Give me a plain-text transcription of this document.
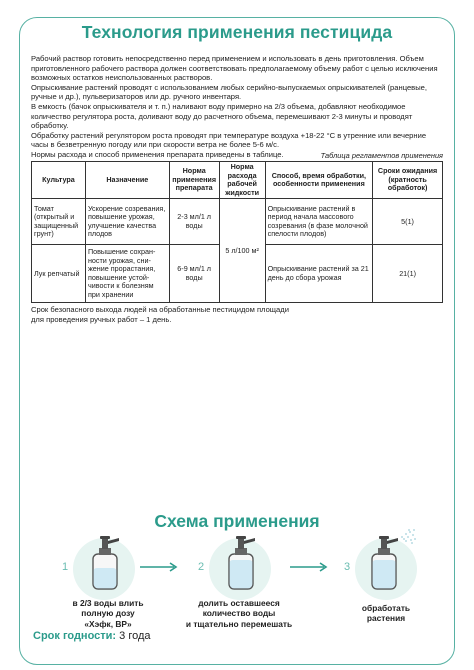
Технология применения пестицида

Рабочий раствор готовить непосредственно перед применением и использовать в день приготовления. Объем приготовленного рабочего раствора должен соответствовать предполагаемому объему работ с целью исключения возможных остатков неиспользованных растворов.

Опрыскивание растений проводят с использованием любых серийно-выпускаемых опрыскивателей (ранцевые, ручные и др.), пульверизаторов или др. ручного инвентаря.

В емкость (бачок опрыскивателя и т. п.) наливают воду примерно на 2/3 объема, добавляют необходимое количество регулятора роста, доливают воду до расчетного объема, перемешивают 2-3 минуты и проводят обработку.

Обработку растений регулятором роста проводят при температуре воздуха +18-22 °С в утренние или вечерние часы в безветренную погоду или при скорости ветра не более 5-6 м/с.

Нормы расхода и способ применения препарата приведены в таблице.	Таблица регламентов применения
Культура	Назначение	Норма применения препарата	Норма расхода рабочей жидкости	Способ, время обработки, особенности применения	Сроки ожидания (кратность обработок)
Томат (открытый и защищенный грунт)	Ускорение созревания, повышение урожая, улучшение качества плодов	2-3 мл/1 л воды	5 л/100 м²	Опрыскивание растений в период начала массового созревания (в фазе молочной спелости плодов)	5(1)
Лук репчатый	Повышение сохранности урожая, снижение прорастания, повышение устойчивости к болезням при хранении	6-9 мл/1 л воды		Опрыскивание растений за 21 день до сбора урожая	21(1)
Срок безопасного выхода людей на обработанные пестицидом площади
для проведения ручных работ – 1 день.
Схема применения
1
в 2/3 воды влить
полную дозу
«Хэфк, ВР»
2
долить оставшееся
количество воды
и тщательно перемешать
3
обработать
растения
Срок годности: 3 года
